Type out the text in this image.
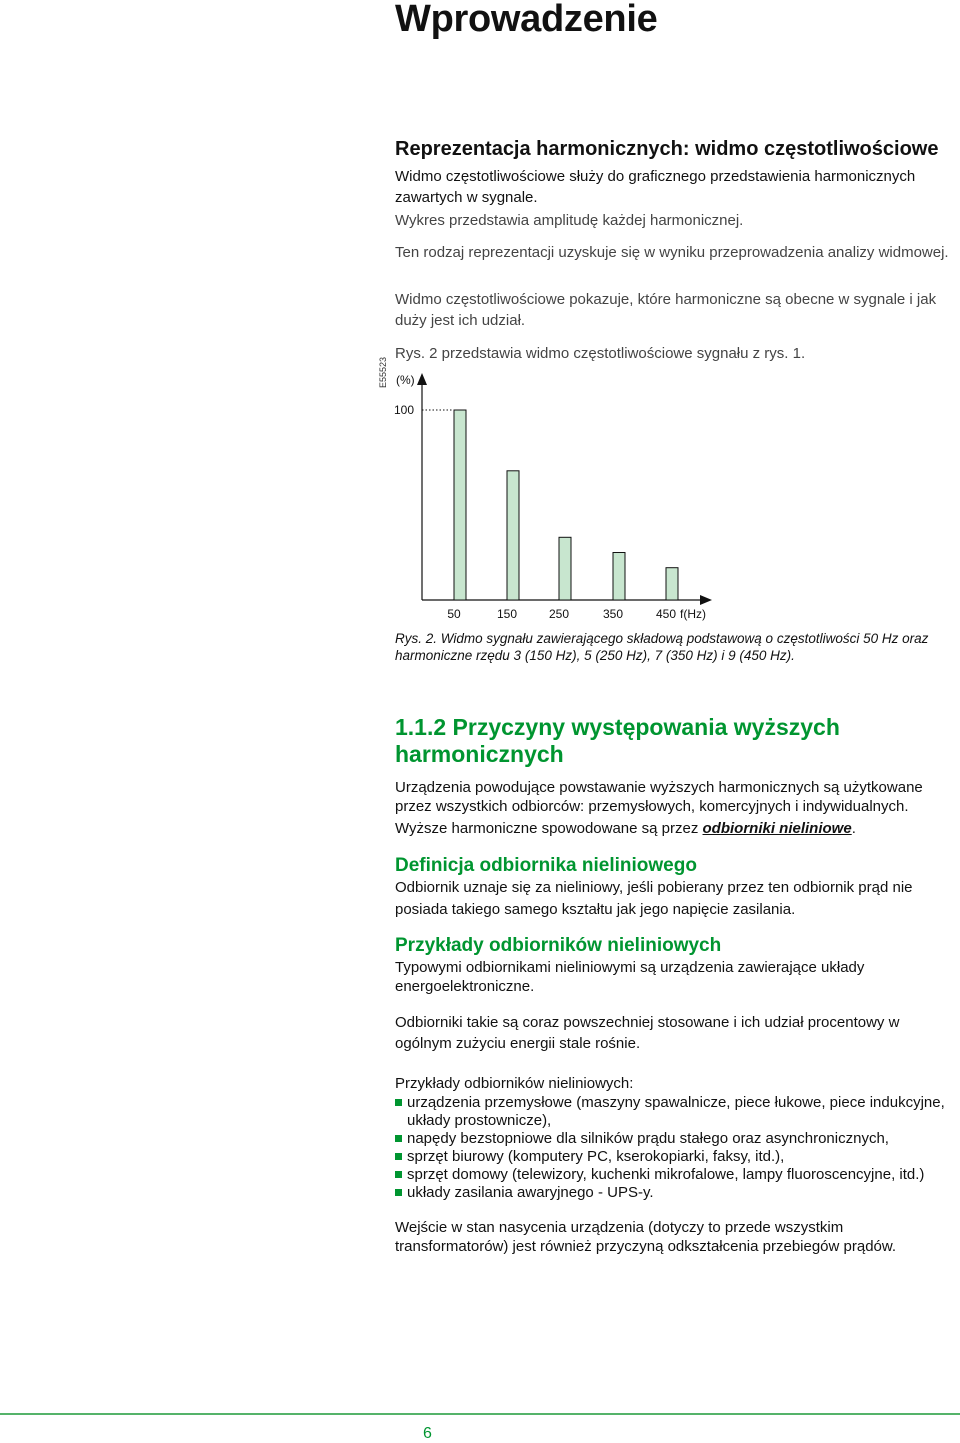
Wprowadzenie
Reprezentacja harmonicznych: widmo częstotliwościowe
Widmo częstotliwościowe służy do graficznego przedstawienia harmonicznych zawartych w sygnale.
Wykres przedstawia amplitudę każdej harmonicznej.
Ten rodzaj reprezentacji uzyskuje się w wyniku przeprowadzenia analizy widmowej.
Widmo częstotliwościowe pokazuje, które harmoniczne są obecne w sygnale i jak duży jest ich udział.
Rys. 2 przedstawia widmo częstotliwościowe sygnału z rys. 1.
E55523 (%)
100
50	150	250	350	450 f(Hz)
Rys. 2. Widmo sygnału zawierającego składową podstawową o częstotliwości 50 Hz oraz harmoniczne rzędu 3 (150 Hz), 5 (250 Hz), 7 (350 Hz) i 9 (450 Hz).
1.1.2 Przyczyny występowania wyższych harmonicznych
Urządzenia powodujące powstawanie wyższych harmonicznych są użytkowane przez wszystkich odbiorców: przemysłowych, komercyjnych i indywidualnych.
Wyższe harmoniczne spowodowane są przez odbiorniki nieliniowe.
Definicja odbiornika nieliniowego
Odbiornik uznaje się za nieliniowy, jeśli pobierany przez ten odbiornik prąd nie posiada takiego samego kształtu jak jego napięcie zasilania.
Przykłady odbiorników nieliniowych
Typowymi odbiornikami nieliniowymi są urządzenia zawierające układy energoelektroniczne.
Odbiorniki takie są coraz powszechniej stosowane i ich udział procentowy w ogólnym zużyciu energii stale rośnie.
Przykłady odbiorników nieliniowych:
urządzenia przemysłowe (maszyny spawalnicze, piece łukowe, piece indukcyjne, układy prostownicze),
napędy bezstopniowe dla silników prądu stałego oraz asynchronicznych,
sprzęt biurowy (komputery PC, kserokopiarki, faksy, itd.),
sprzęt domowy (telewizory, kuchenki mikrofalowe, lampy fluoroscencyjne, itd.)
układy zasilania awaryjnego - UPS-y.
Wejście w stan nasycenia urządzenia (dotyczy to przede wszystkim transformatorów) jest również przyczyną odkształcenia przebiegów prądów.
6
